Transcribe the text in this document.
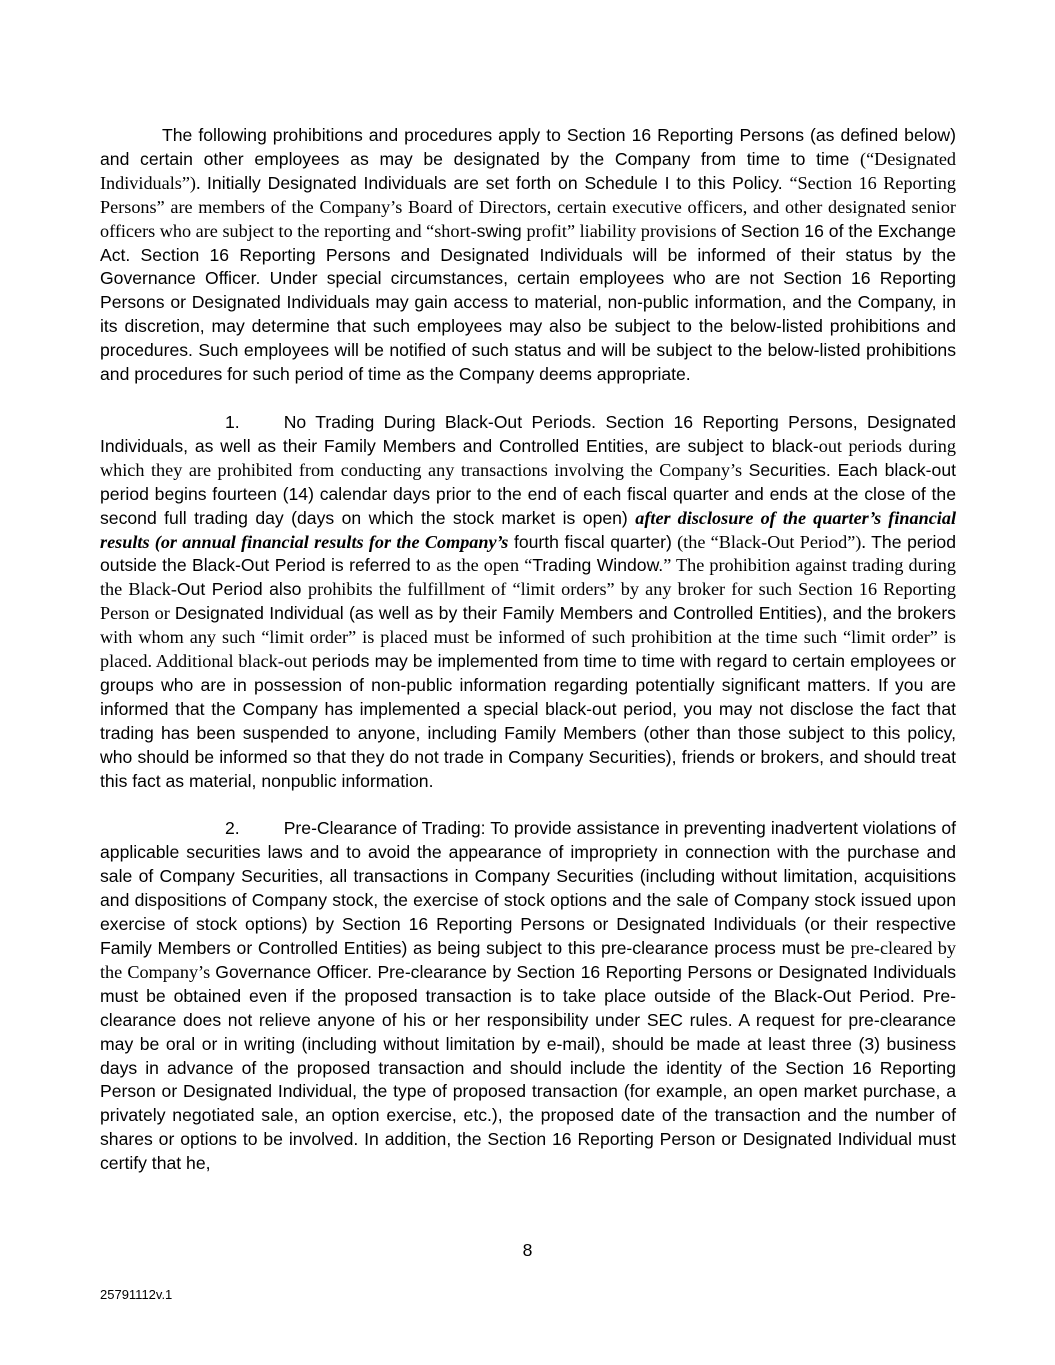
The following prohibitions and procedures apply to Section 16 Reporting Persons (as defined below) and certain other employees as may be designated by the Company from time to time (“Designated Individuals”). Initially Designated Individuals are set forth on Schedule I to this Policy. “Section 16 Reporting Persons” are members of the Company’s Board of Directors, certain executive officers, and other designated senior officers who are subject to the reporting and “short-swing profit” liability provisions of Section 16 of the Exchange Act. Section 16 Reporting Persons and Designated Individuals will be informed of their status by the Governance Officer. Under special circumstances, certain employees who are not Section 16 Reporting Persons or Designated Individuals may gain access to material, non-public information, and the Company, in its discretion, may determine that such employees may also be subject to the below-listed prohibitions and procedures. Such employees will be notified of such status and will be subject to the below-listed prohibitions and procedures for such period of time as the Company deems appropriate.

1.	No Trading During Black-Out Periods. Section 16 Reporting Persons, Designated Individuals, as well as their Family Members and Controlled Entities, are subject to black-out periods during which they are prohibited from conducting any transactions involving the Company’s Securities. Each black-out period begins fourteen (14) calendar days prior to the end of each fiscal quarter and ends at the close of the second full trading day (days on which the stock market is open) after disclosure of the quarter’s financial results (or annual financial results for the Company’s fourth fiscal quarter) (the “Black-Out Period”). The period outside the Black-Out Period is referred to as the open “Trading Window.” The prohibition against trading during the Black-Out Period also prohibits the fulfillment of “limit orders” by any broker for such Section 16 Reporting Person or Designated Individual (as well as by their Family Members and Controlled Entities), and the brokers with whom any such “limit order” is placed must be informed of such prohibition at the time such “limit order” is placed. Additional black-out periods may be implemented from time to time with regard to certain employees or groups who are in possession of non-public information regarding potentially significant matters. If you are informed that the Company has implemented a special black-out period, you may not disclose the fact that trading has been suspended to anyone, including Family Members (other than those subject to this policy, who should be informed so that they do not trade in Company Securities), friends or brokers, and should treat this fact as material, nonpublic information.

2.	Pre-Clearance of Trading: To provide assistance in preventing inadvertent violations of applicable securities laws and to avoid the appearance of impropriety in connection with the purchase and sale of Company Securities, all transactions in Company Securities (including without limitation, acquisitions and dispositions of Company stock, the exercise of stock options and the sale of Company stock issued upon exercise of stock options) by Section 16 Reporting Persons or Designated Individuals (or their respective Family Members or Controlled Entities) as being subject to this pre-clearance process must be pre-cleared by the Company’s Governance Officer. Pre-clearance by Section 16 Reporting Persons or Designated Individuals must be obtained even if the proposed transaction is to take place outside of the Black-Out Period. Pre-clearance does not relieve anyone of his or her responsibility under SEC rules. A request for pre-clearance may be oral or in writing (including without limitation by e-mail), should be made at least three (3) business days in advance of the proposed transaction and should include the identity of the Section 16 Reporting Person or Designated Individual, the type of proposed transaction (for example, an open market purchase, a privately negotiated sale, an option exercise, etc.), the proposed date of the transaction and the number of shares or options to be involved. In addition, the Section 16 Reporting Person or Designated Individual must certify that he,

8
25791112v.1
